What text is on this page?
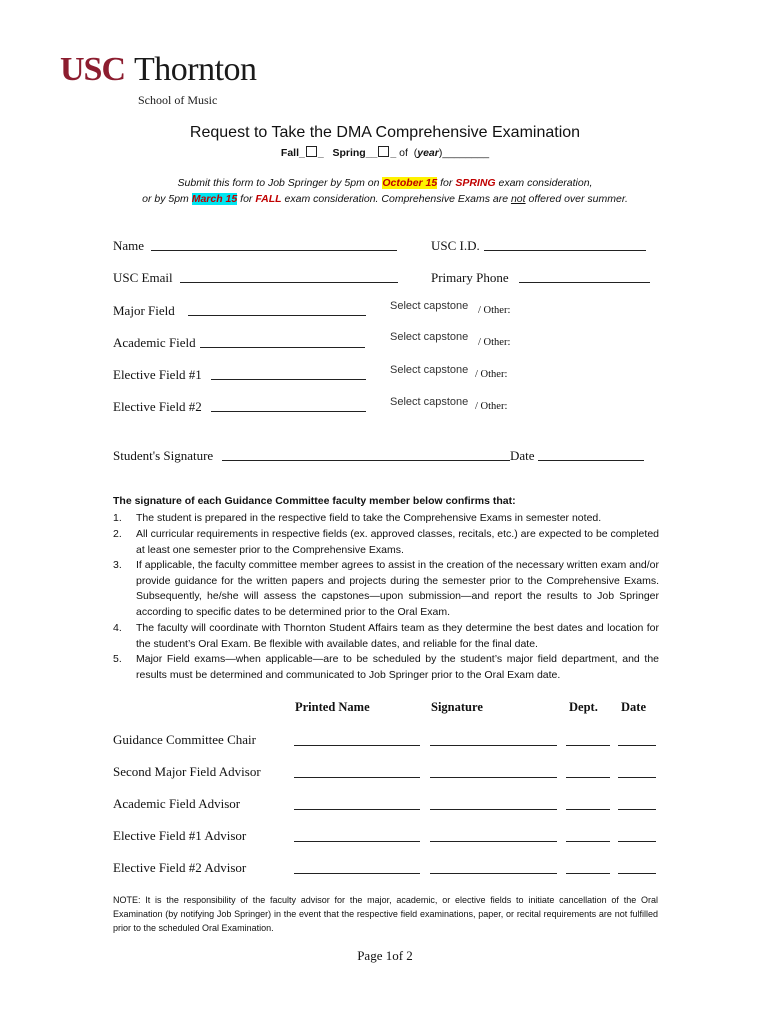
USC Thornton
School of Music
Request to Take the DMA Comprehensive Examination
Fall_ _   Spring__ _ of  (year)________
Submit this form to Job Springer by 5pm on October 15 for SPRING exam consideration,
or by 5pm March 15 for FALL exam consideration. Comprehensive Exams are not offered over summer.
Name	USC I.D.
USC Email	Primary Phone
Major Field	Select capstone / Other:
Academic Field	Select capstone / Other:
Elective Field #1	Select capstone / Other:
Elective Field #2	Select capstone / Other:
Student's Signature	Date
The signature of each Guidance Committee faculty member below confirms that:
1.	The student is prepared in the respective field to take the Comprehensive Exams in semester noted.
2.	All curricular requirements in respective fields (ex. approved classes, recitals, etc.) are expected to be completed at least one semester prior to the Comprehensive Exams.
3.	If applicable, the faculty committee member agrees to assist in the creation of the necessary written exam and/or provide guidance for the written papers and projects during the semester prior to the Comprehensive Exams. Subsequently, he/she will assess the capstones—upon submission—and report the results to Job Springer according to specific dates to be determined prior to the Oral Exam.
4.	The faculty will coordinate with Thornton Student Affairs team as they determine the best dates and location for the student’s Oral Exam. Be flexible with available dates, and reliable for the final date.
5.	Major Field exams—when applicable—are to be scheduled by the student’s major field department, and the results must be determined and communicated to Job Springer prior to the Oral Exam date.
Printed Name	Signature	Dept. Date
Guidance Committee Chair
Second Major Field Advisor
Academic Field Advisor
Elective Field #1 Advisor
Elective Field #2 Advisor
NOTE: It is the responsibility of the faculty advisor for the major, academic, or elective fields to initiate cancellation of the Oral Examination (by notifying Job Springer) in the event that the respective field examinations, paper, or recital requirements are not fulfilled prior to the scheduled Oral Examination.
Page 1of 2
